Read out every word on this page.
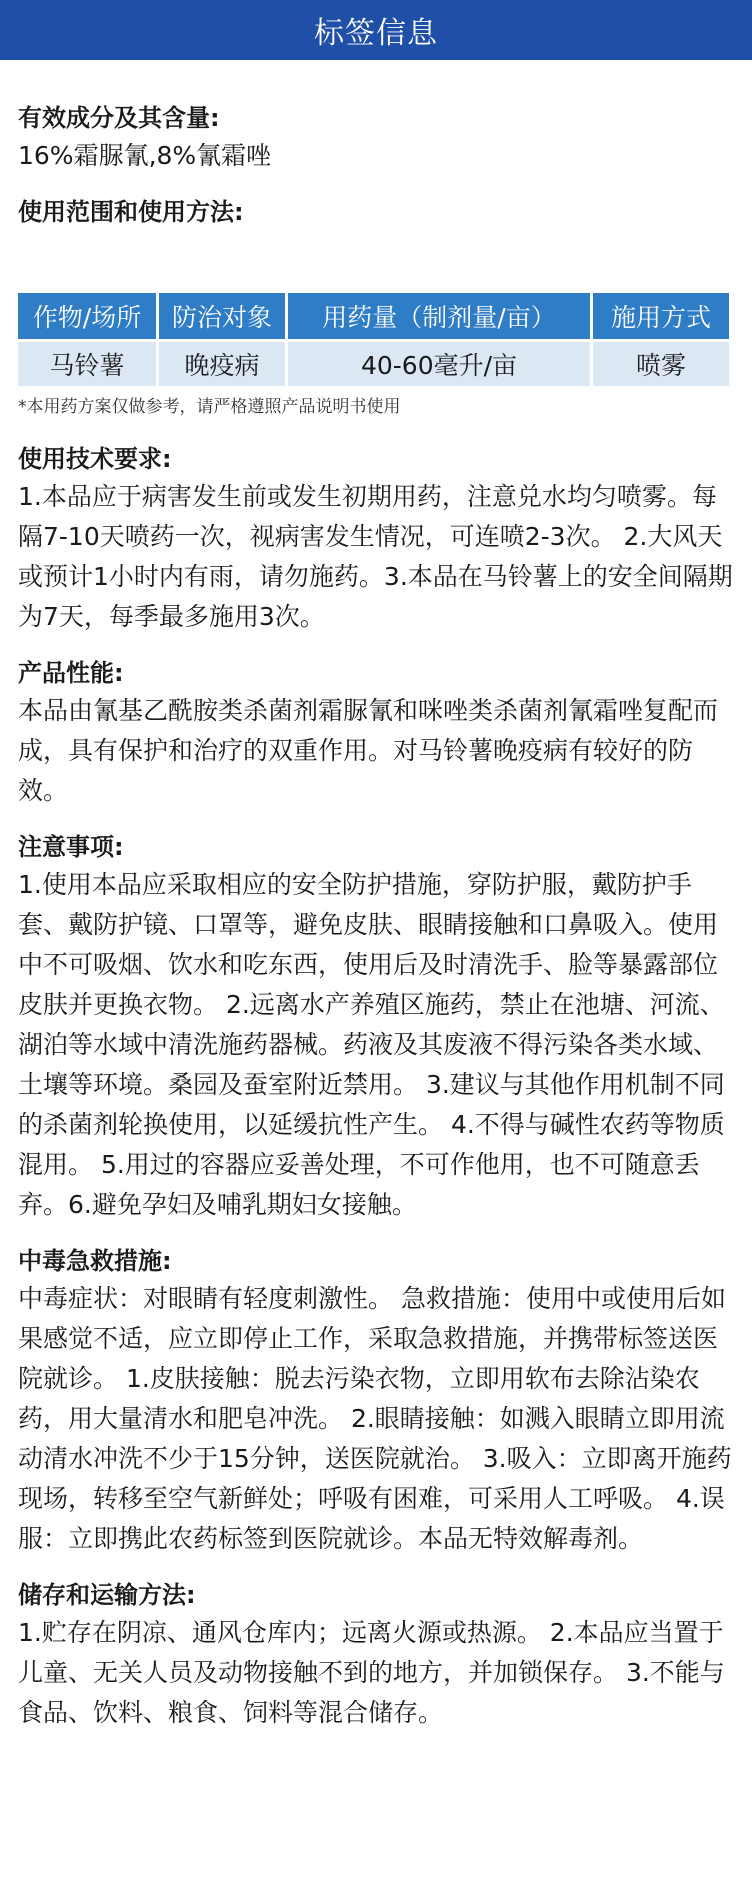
标签信息

有效成分及其含量:

16%霜脲氰,8%氰霜唑

使用范围和使用方法:

作物/场所	防治对象	用药量（制剂量/亩）	施用方式
马铃薯	晚疫病	40-60毫升/亩	喷雾

*本用药方案仅做参考，请严格遵照产品说明书使用

使用技术要求:

1.本品应于病害发生前或发生初期用药，注意兑水均匀喷雾。每隔7-10天喷药一次，视病害发生情况，可连喷2-3次。 2.大风天或预计1小时内有雨，请勿施药。3.本品在马铃薯上的安全间隔期为7天，每季最多施用3次。

产品性能:

本品由氰基乙酰胺类杀菌剂霜脲氰和咪唑类杀菌剂氰霜唑复配而成，具有保护和治疗的双重作用。对马铃薯晚疫病有较好的防效。

注意事项:

1.使用本品应采取相应的安全防护措施，穿防护服，戴防护手套、戴防护镜、口罩等，避免皮肤、眼睛接触和口鼻吸入。使用中不可吸烟、饮水和吃东西，使用后及时清洗手、脸等暴露部位皮肤并更换衣物。 2.远离水产养殖区施药，禁止在池塘、河流、湖泊等水域中清洗施药器械。药液及其废液不得污染各类水域、土壤等环境。桑园及蚕室附近禁用。 3.建议与其他作用机制不同的杀菌剂轮换使用，以延缓抗性产生。 4.不得与碱性农药等物质混用。 5.用过的容器应妥善处理，不可作他用，也不可随意丢弃。6.避免孕妇及哺乳期妇女接触。

中毒急救措施:

中毒症状：对眼睛有轻度刺激性。 急救措施：使用中或使用后如果感觉不适，应立即停止工作，采取急救措施，并携带标签送医院就诊。 1.皮肤接触：脱去污染衣物，立即用软布去除沾染农药，用大量清水和肥皂冲洗。 2.眼睛接触：如溅入眼睛立即用流动清水冲洗不少于15分钟，送医院就治。 3.吸入：立即离开施药现场，转移至空气新鲜处；呼吸有困难，可采用人工呼吸。 4.误服：立即携此农药标签到医院就诊。本品无特效解毒剂。

储存和运输方法:

1.贮存在阴凉、通风仓库内；远离火源或热源。 2.本品应当置于儿童、无关人员及动物接触不到的地方，并加锁保存。 3.不能与食品、饮料、粮食、饲料等混合储存。
